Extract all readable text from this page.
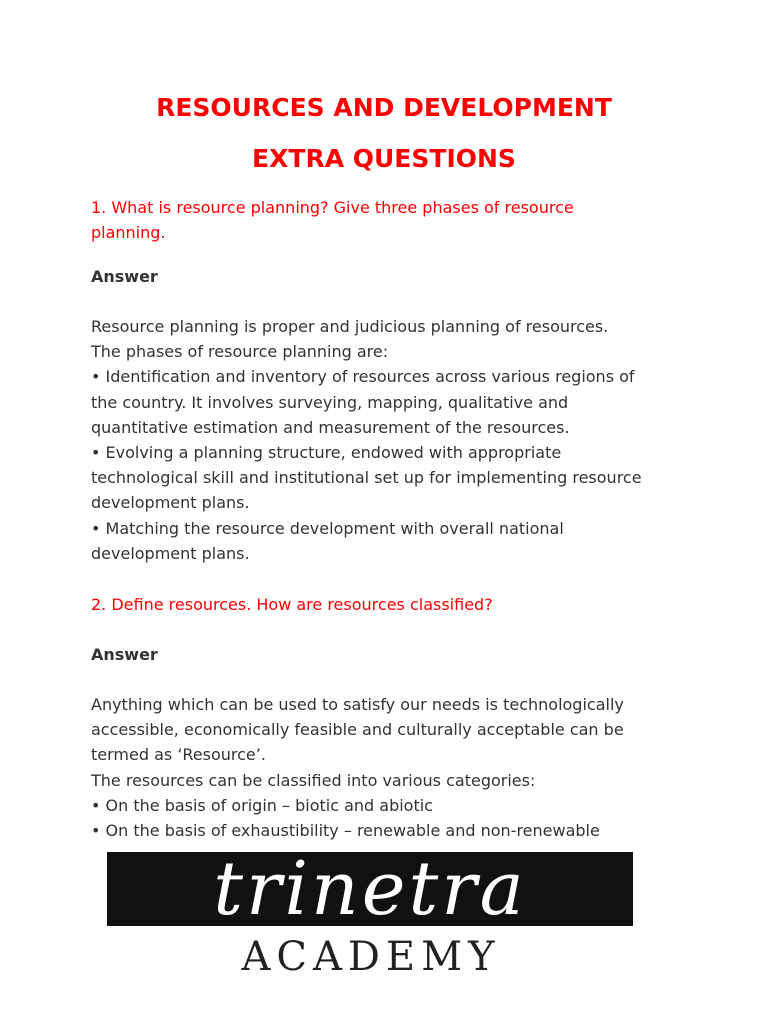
RESOURCES AND DEVELOPMENT
EXTRA QUESTIONS

1. What is resource planning? Give three phases of resource
planning.

Answer

Resource planning is proper and judicious planning of resources.
The phases of resource planning are:
• Identification and inventory of resources across various regions of
the country. It involves surveying, mapping, qualitative and
quantitative estimation and measurement of the resources.
• Evolving a planning structure, endowed with appropriate
technological skill and institutional set up for implementing resource
development plans.
• Matching the resource development with overall national
development plans.

2. Define resources. How are resources classified?

Answer

Anything which can be used to satisfy our needs is technologically
accessible, economically feasible and culturally acceptable can be
termed as ‘Resource’.
The resources can be classified into various categories:
• On the basis of origin – biotic and abiotic
• On the basis of exhaustibility – renewable and non-renewable
trinetra
ACADEMY
